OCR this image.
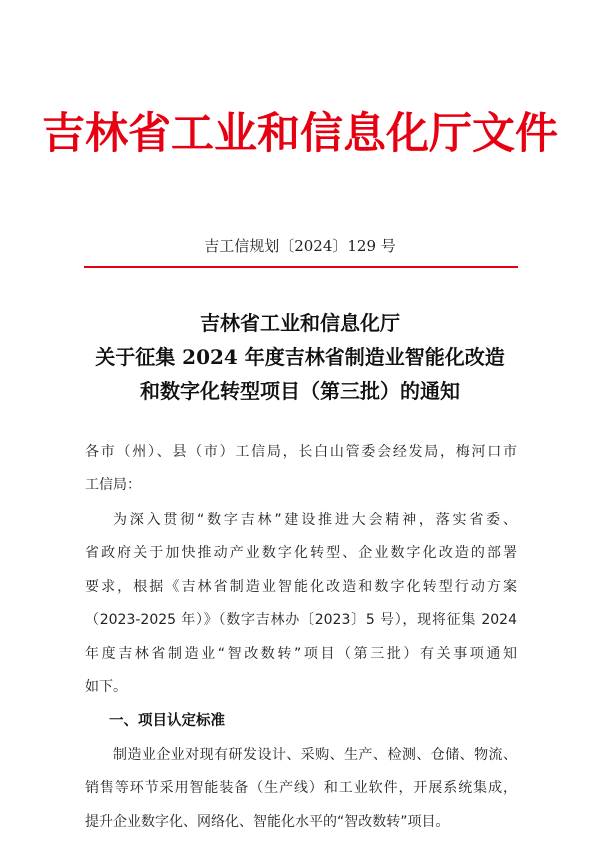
吉林省工业和信息化厅文件
吉工信规划〔2024〕129 号
吉林省工业和信息化厅
关于征集 2024 年度吉林省制造业智能化改造
和数字化转型项目（第三批）的通知
各市（州）、县（市）工信局，长白山管委会经发局，梅河口市
工信局：
为深入贯彻“数字吉林”建设推进大会精神，落实省委、
省政府关于加快推动产业数字化转型、企业数字化改造的部署
要求，根据《吉林省制造业智能化改造和数字化转型行动方案
（2023-2025 年）》（数字吉林办〔2023〕5 号），现将征集 2024
年度吉林省制造业“智改数转”项目（第三批）有关事项通知
如下。
一、项目认定标准
制造业企业对现有研发设计、采购、生产、检测、仓储、物流、
销售等环节采用智能装备（生产线）和工业软件，开展系统集成，
提升企业数字化、网络化、智能化水平的“智改数转”项目。
